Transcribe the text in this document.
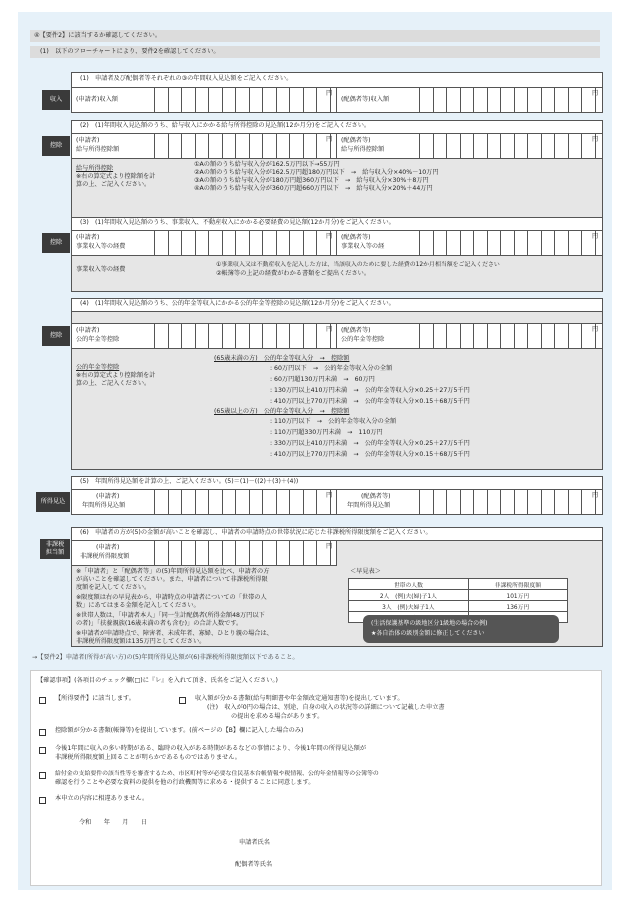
④【要件2】に該当するか確認してください。
(1)　以下のフローチャートにより、要件2を確認してください。
(1)　申請者及び配偶者等それぞれの③の年間収入見込額をご記入ください。
収入	(申請者)収入額
円
(配偶者等)収入額
円
(2)　(1)年間収入見込額のうち、給与収入にかかる給与所得控除の見込額(12か月分)をご記入ください。
控除
(申請者)
給与所得控除額
円 (配偶者等)
給与所得控除額
円
給与所得控除
※右の算定式より控除額を計
算の上、ご記入ください。
①Aの額のうち給与収入分が162.5万円以下→55万円
②Aの額のうち給与収入分が162.5万円超180万円以下　→　給与収入分×40%－10万円
③Aの額のうち給与収入分が180万円超360万円以下　→　給与収入分×30%＋8万円
④Aの額のうち給与収入分が360万円超660万円以下　→　給与収入分×20%＋44万円
(3)　(1)年間収入見込額のうち、事業収入、不動産収入にかかる必要経費の見込額(12か月分)をご記入ください。
控除
(申請者)
事業収入等の経費
円 (配偶者等)
事業収入等の経
円
事業収入等の経費
①事業収入又は不動産収入を記入した方は、当該収入のために要した経費の12か月相当額をご記入ください
②帳簿等の上記の経費がわかる書類をご提出ください。
(4)　(1)年間収入見込額のうち、公的年金等収入にかかる公的年金等控除の見込額(12か月分)をご記入ください。
控除
(申請者)
公的年金等控除
円 (配偶者等)
公的年金等控除
円
公的年金等控除
※右の算定式より控除額を計
算の上、ご記入ください。
(65歳未満の方)　公的年金等収入分　→　控除額
: 60万円以下　→　公的年金等収入分の全額
: 60万円超130万円未満　→　60万円
: 130万円以上410万円未満　→　公的年金等収入分×0.25＋27万5千円
: 410万円以上770万円未満　→　公的年金等収入分×0.15＋68万5千円
(65歳以上の方)　公的年金等収入分　→　控除額
: 110万円以下　→　公的年金等収入分の全額
: 110万円超330万円未満　→　110万円
: 330万円以上410万円未満　→　公的年金等収入分×0.25＋27万5千円
: 410万円以上770万円未満　→　公的年金等収入分×0.15＋68万5千円
(5)　年間所得見込額を計算の上、ご記入ください。(5)＝(1)－((2)＋(3)＋(4))
所得見込
(申請者)
年間所得見込額
円	(配偶者等)
年間所得見込額
円
(6)　申請者の方が(5)の金額が高いことを確認し、申請者の申請時点の世帯状況に応じた非課税所得限度額をご記入ください。
非課税
担当額
(申請者)
非課税所得限度額
円
※「申請者」と「配偶者等」の(5)年間所得見込額を比べ、申請者の方
が高いことを確認してください。また、申請者について非課税所得限
度額を記入してください。
※限度額は右の早見表から、申請時点の申請者についての「世帯の人
数」にあてはまる金額を記入してください。
※世帯人数は、「申請者本人」「同一生計配偶者(所得金額48万円以下
の者)」「扶養親族(16歳未満の者も含む)」の合計人数です。
※申請者が申請時点で、障害者、未成年者、寡婦、ひとり親の場合は、
非課税所得限度額は135万円としてください。
＜早見表＞
世帯の人数	非課税所得限度額
2人　(例)夫(婦)子1人	101万円
3人　(例)夫婦子1人	136万円

(生活保護基準の級地区分1級地の場合の例)
★各自治体の級別金額に修正してください
→【要件2】申請者(所得が高い方)の(5)年間所得見込額が(6)非課税所得限度額以下であること。
【確認事項】(各項目のチェック欄(□)に『レ』を入れて頂き、氏名をご記入ください。)
【所得要件】に該当します。	収入額が分かる書類(給与明細書や年金額改定通知書等)を提出しています。
(注)　収入が0円の場合は、別途、自身の収入の状況等の詳細について記載した申立書
の提出を求める場合があります。
控除額が分かる書類(帳簿等)を提出しています。(前ページの【B】欄に記入した場合のみ)
今後1年間に収入の多い時期がある、臨時の収入がある時期があるなどの事情により、今後1年間の所得見込額が
非課税所得限度額上回ることが明らかであるものではありません。
給付金の支給要件の該当性等を審査するため、市区町村等が必要な住民基本台帳情報や税情報、公的年金情報等の公簿等の
確認を行うことや必要な資料の提供を他の行政機関等に求める・提供することに同意します。
本申立の内容に相違ありません。
令和　　年　　月　　日
申請者氏名
配偶者等氏名
